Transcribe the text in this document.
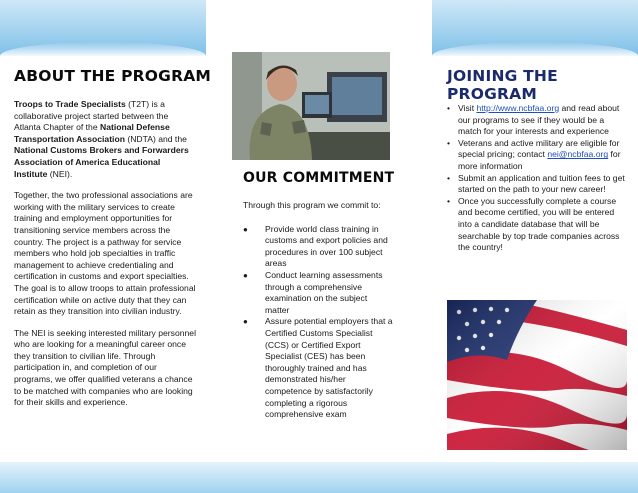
ABOUT THE PROGRAM

Troops to Trade Specialists (T2T) is a collaborative project started between the Atlanta Chapter of the National Defense Transportation Association (NDTA) and the National Customs Brokers and Forwarders Association of America Educational Institute (NEI).

Together, the two professional associations are working with the military services to create training and employment opportunities for transitioning service members across the country. The project is a pathway for service members who hold job specialties in traffic management to achieve credentialing and certification in customs and export specialties. The goal is to allow troops to attain professional certification while on active duty that they can retain as they transition into civilian industry.

The NEI is seeking interested military personnel who are looking for a meaningful career once they transition to civilian life. Through participation in, and completion of our programs, we offer qualified veterans a chance to be matched with companies who are looking for their skills and experience.

OUR COMMITMENT

Through this program we commit to:

● Provide world class training in customs and export policies and procedures in over 100 subject areas
● Conduct learning assessments through a comprehensive examination on the subject matter
● Assure potential employers that a Certified Customs Specialist (CCS) or Certified Export Specialist (CES) has been thoroughly trained and has demonstrated his/her competence by satisfactorily completing a rigorous comprehensive exam
JOINING THE PROGRAM
• Visit http://www.ncbfaa.org and read about our programs to see if they would be a match for your interests and experience
• Veterans and active military are eligible for special pricing; contact nei@ncbfaa.org for more information
• Submit an application and tuition fees to get started on the path to your new career!
• Once you successfully complete a course and become certified, you will be entered into a candidate database that will be searchable by top trade companies across the country!
